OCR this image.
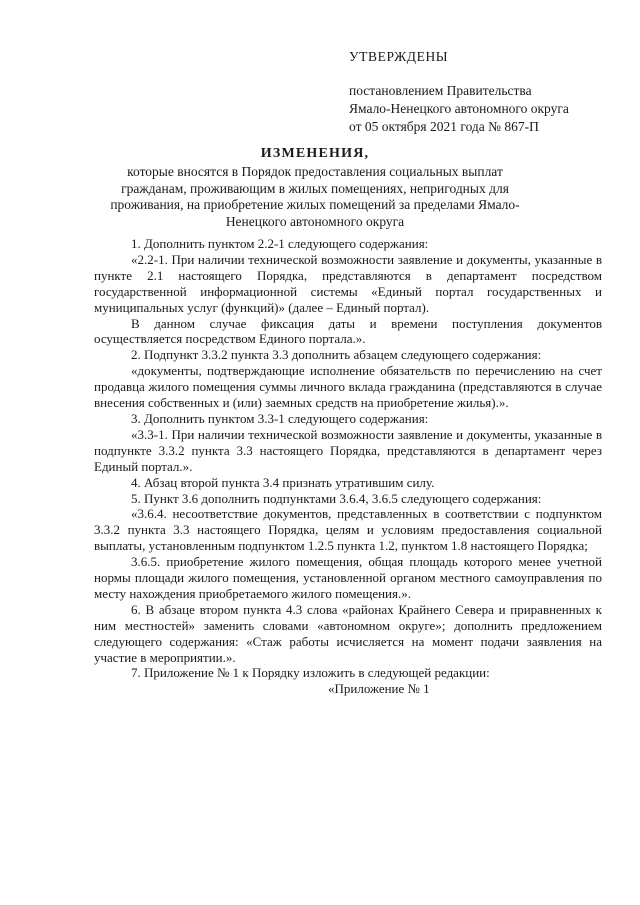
УТВЕРЖДЕНЫ
постановлением Правительства
Ямало-Ненецкого автономного округа
от 05 октября 2021 года № 867-П
ИЗМЕНЕНИЯ,
которые вносятся в Порядок предоставления социальных выплат гражданам, проживающим в жилых помещениях, непригодных для проживания, на приобретение жилых помещений за пределами Ямало-Ненецкого автономного округа

1. Дополнить пунктом 2.2-1 следующего содержания:

«2.2-1. При наличии технической возможности заявление и документы, указанные в пункте 2.1 настоящего Порядка, представляются в департамент посредством государственной информационной системы «Единый портал государственных и муниципальных услуг (функций)» (далее – Единый портал).

В данном случае фиксация даты и времени поступления документов осуществляется посредством Единого портала.».

2. Подпункт 3.3.2 пункта 3.3 дополнить абзацем следующего содержания:

«документы, подтверждающие исполнение обязательств по перечислению на счет продавца жилого помещения суммы личного вклада гражданина (представляются в случае внесения собственных и (или) заемных средств на приобретение жилья).».

3. Дополнить пунктом 3.3-1 следующего содержания:

«3.3-1. При наличии технической возможности заявление и документы, указанные в подпункте 3.3.2 пункта 3.3 настоящего Порядка, представляются в департамент через Единый портал.».

4. Абзац второй пункта 3.4 признать утратившим силу.

5. Пункт 3.6 дополнить подпунктами 3.6.4, 3.6.5 следующего содержания:

«3.6.4. несоответствие документов, представленных в соответствии с подпунктом 3.3.2 пункта 3.3 настоящего Порядка, целям и условиям предоставления социальной выплаты, установленным подпунктом 1.2.5 пункта 1.2, пунктом 1.8 настоящего Порядка;

3.6.5. приобретение жилого помещения, общая площадь которого менее учетной нормы площади жилого помещения, установленной органом местного самоуправления по месту нахождения приобретаемого жилого помещения.».

6. В абзаце втором пункта 4.3 слова «районах Крайнего Севера и приравненных к ним местностей» заменить словами «автономном округе»; дополнить предложением следующего содержания: «Стаж работы исчисляется на момент подачи заявления на участие в мероприятии.».

7. Приложение № 1 к Порядку изложить в следующей редакции:

«Приложение № 1
